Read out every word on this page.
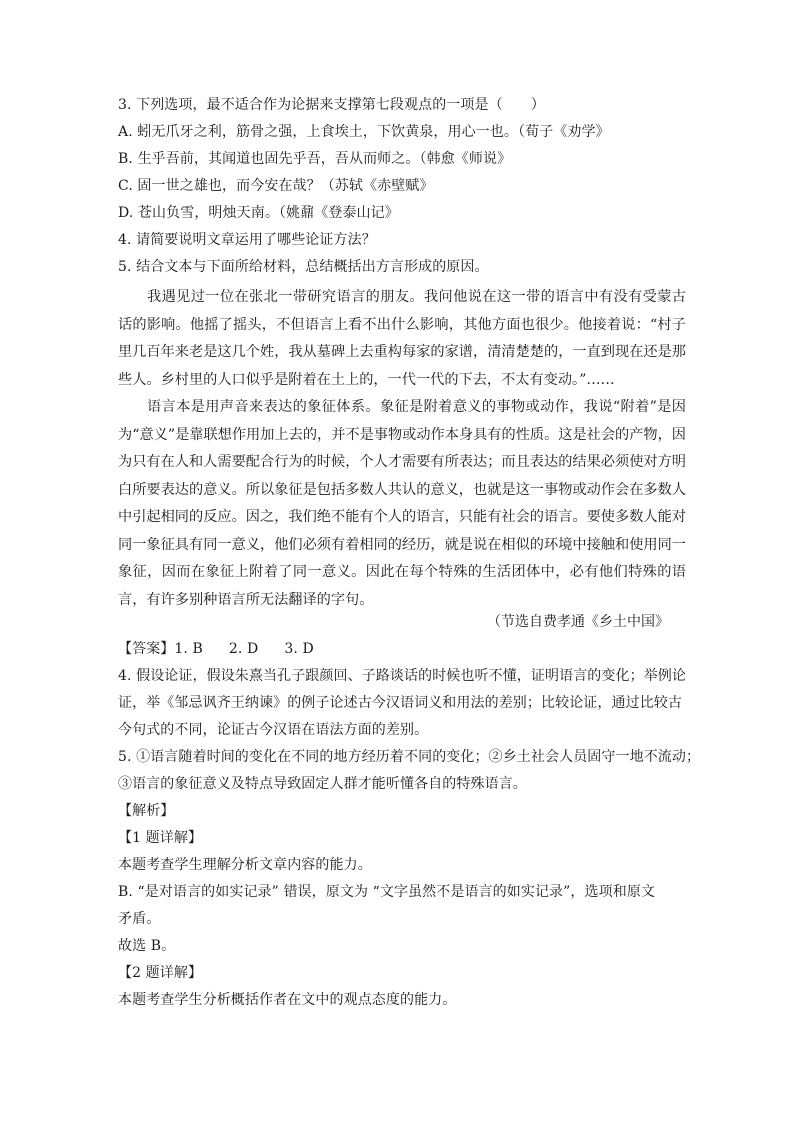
3. 下列选项，最不适合作为论据来支撑第七段观点的一项是（　　）
A. 蚓无爪牙之利，筋骨之强，上食埃土，下饮黄泉，用心一也。（荀子《劝学》
B. 生乎吾前，其闻道也固先乎吾，吾从而师之。（韩愈《师说》
C. 固一世之雄也，而今安在哉？（苏轼《赤壁赋》
D. 苍山负雪，明烛天南。（姚鼐《登泰山记》
4. 请简要说明文章运用了哪些论证方法？
5. 结合文本与下面所给材料，总结概括出方言形成的原因。

我遇见过一位在张北一带研究语言的朋友。我问他说在这一带的语言中有没有受蒙古话的影响。他摇了摇头，不但语言上看不出什么影响，其他方面也很少。他接着说：“村子里几百年来老是这几个姓，我从墓碑上去重构每家的家谱，清清楚楚的，一直到现在还是那些人。乡村里的人口似乎是附着在土上的，一代一代的下去，不太有变动。”……

语言本是用声音来表达的象征体系。象征是附着意义的事物或动作，我说“附着”是因为“意义”是靠联想作用加上去的，并不是事物或动作本身具有的性质。这是社会的产物，因为只有在人和人需要配合行为的时候，个人才需要有所表达；而且表达的结果必须使对方明白所要表达的意义。所以象征是包括多数人共认的意义，也就是这一事物或动作会在多数人中引起相同的反应。因之，我们绝不能有个人的语言，只能有社会的语言。要使多数人能对同一象征具有同一意义，他们必须有着相同的经历，就是说在相似的环境中接触和使用同一象征，因而在象征上附着了同一意义。因此在每个特殊的生活团体中，必有他们特殊的语言，有许多别种语言所无法翻译的字句。

（节选自费孝通《乡土中国》
【答案】1. B 2. D 3. D
4. 假设论证，假设朱熹当孔子跟颜回、子路谈话的时候也听不懂，证明语言的变化；举例论
证，举《邹忌讽齐王纳谏》的例子论述古今汉语词义和用法的差别；比较论证，通过比较古
今句式的不同，论证古今汉语在语法方面的差别。
5. ①语言随着时间的变化在不同的地方经历着不同的变化；②乡土社会人员固守一地不流动；
③语言的象征意义及特点导致固定人群才能听懂各自的特殊语言。
【解析】
【1 题详解】
本题考查学生理解分析文章内容的能力。
B. “是对语言的如实记录” 错误，原文为 “文字虽然不是语言的如实记录”，选项和原文
矛盾。
故选 B。
【2 题详解】
本题考查学生分析概括作者在文中的观点态度的能力。
